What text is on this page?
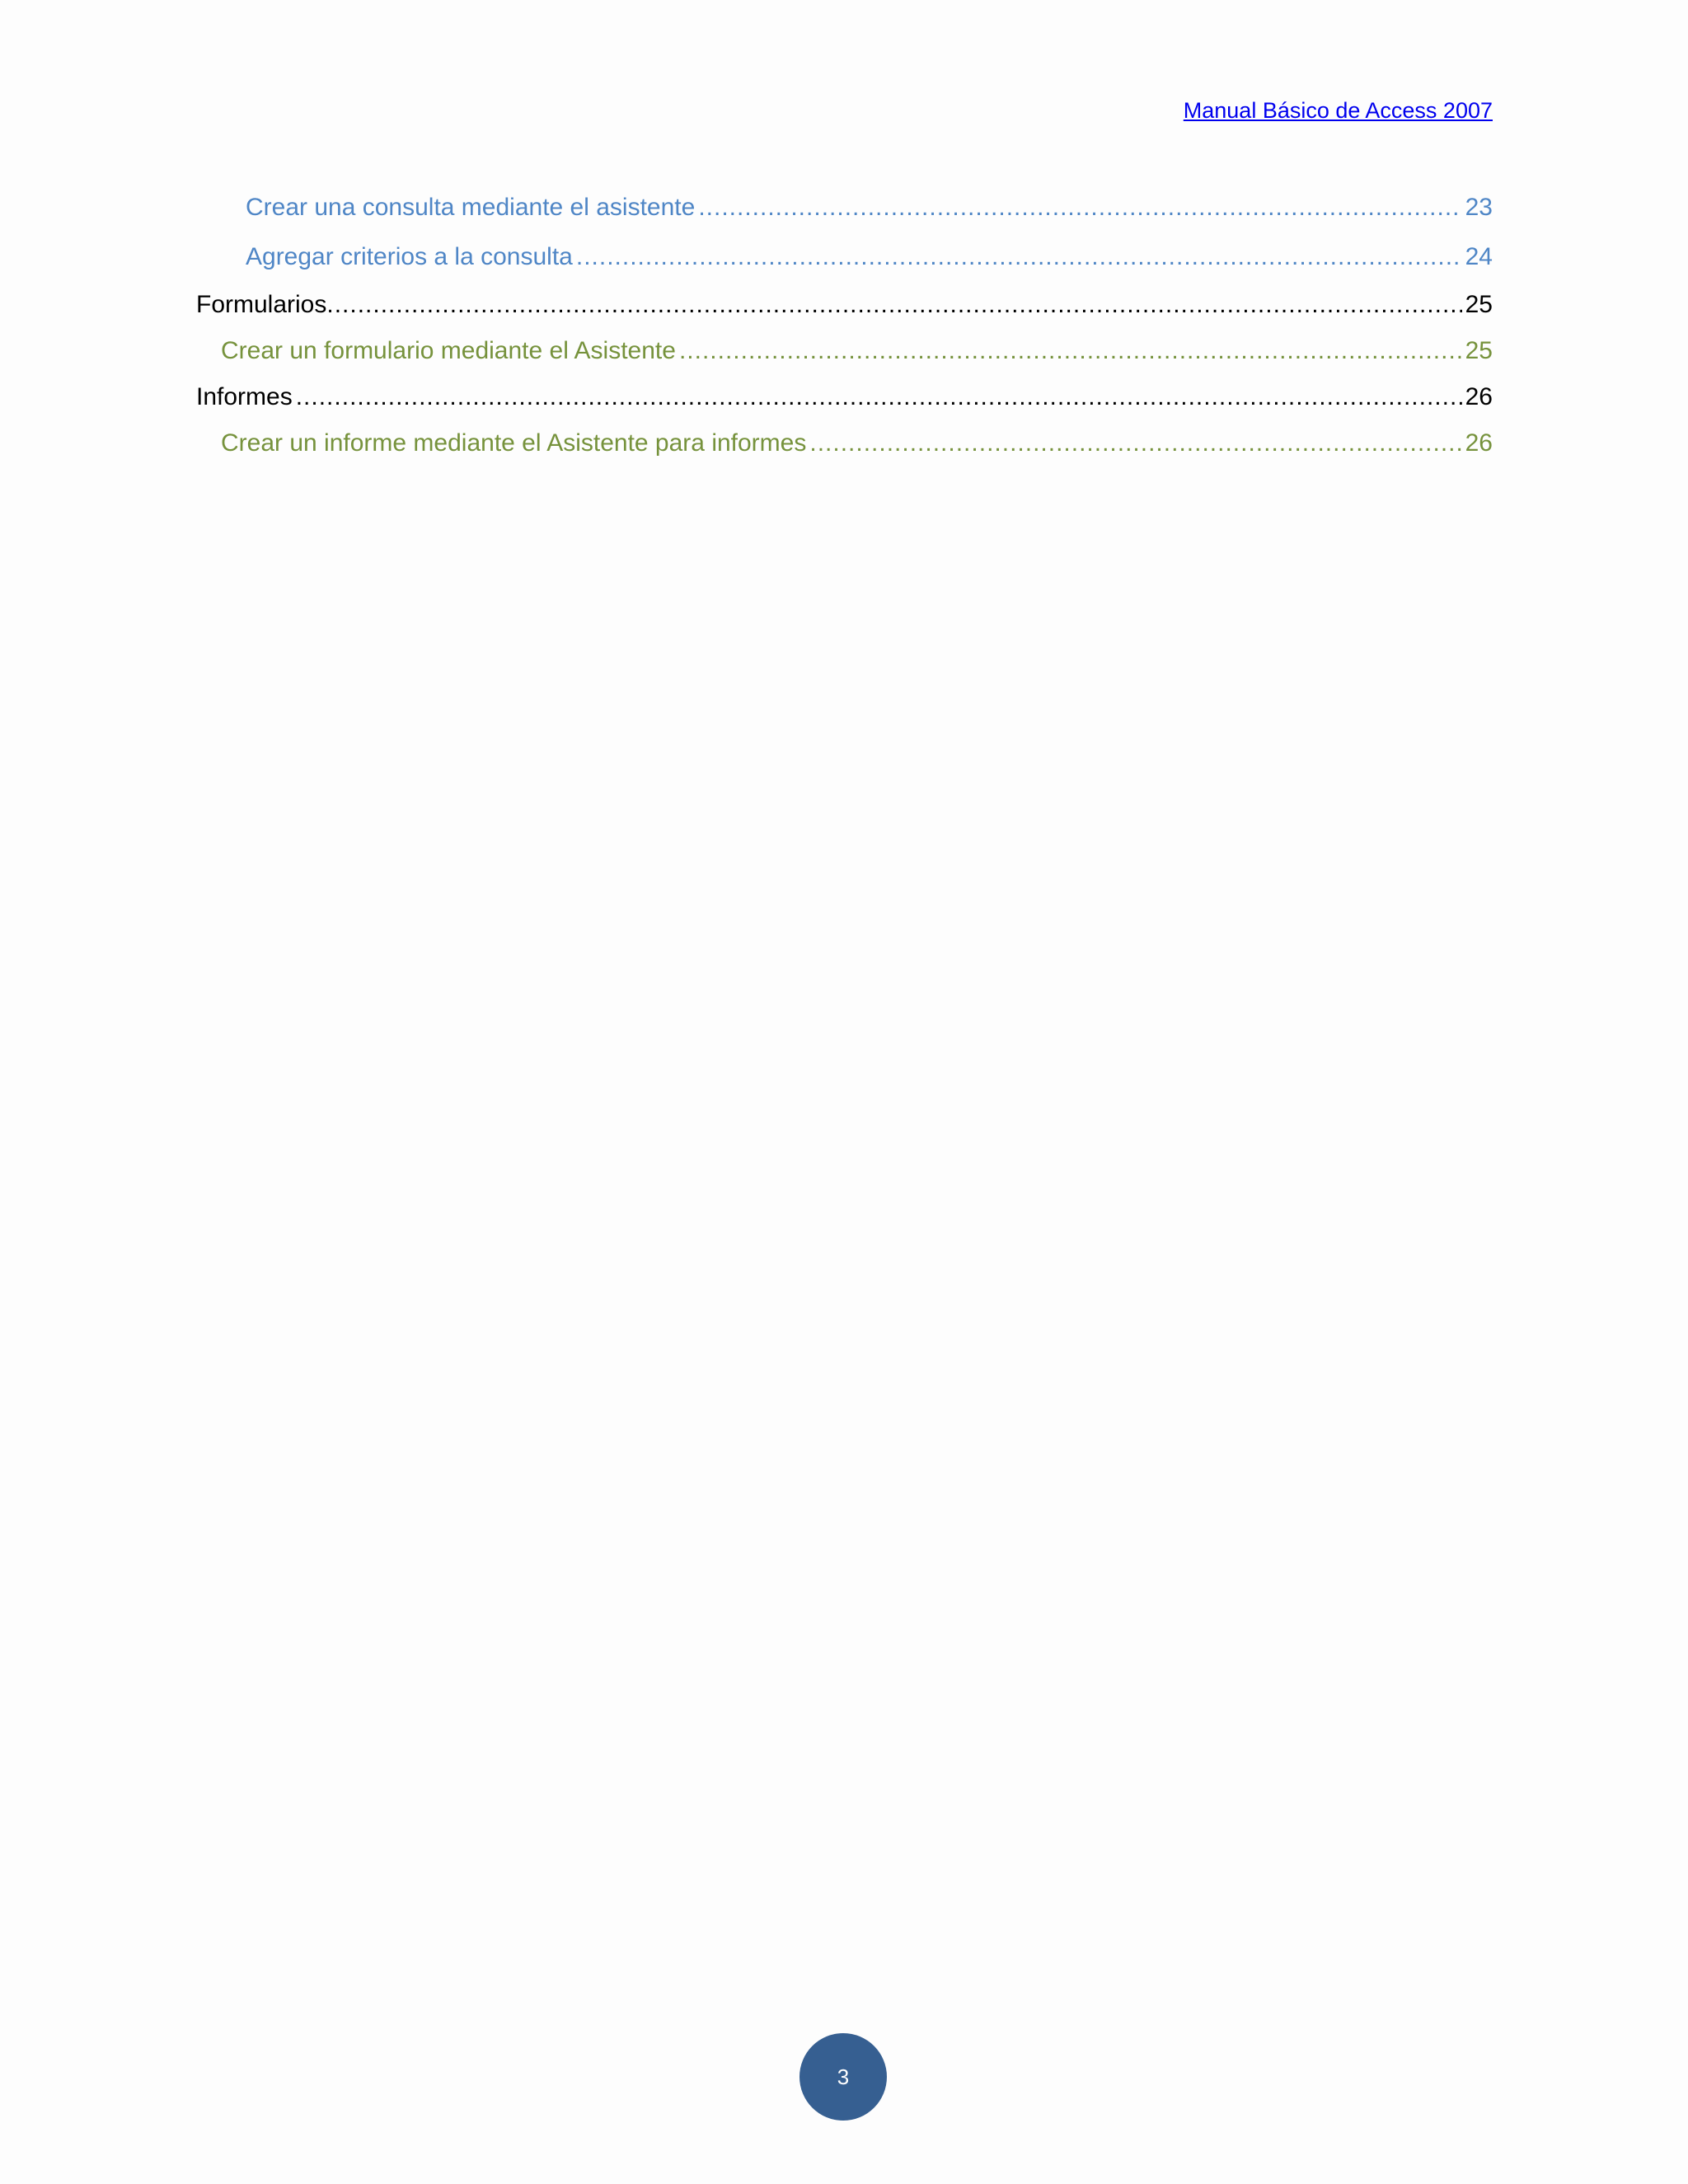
Manual Básico de Access 2007
Crear una consulta mediante el asistente .....	23
Agregar criterios a la consulta .....	24
Formularios .....	25
Crear un formulario mediante el Asistente .....	25
Informes .....	26
Crear un informe mediante el Asistente para informes .....	26
3
